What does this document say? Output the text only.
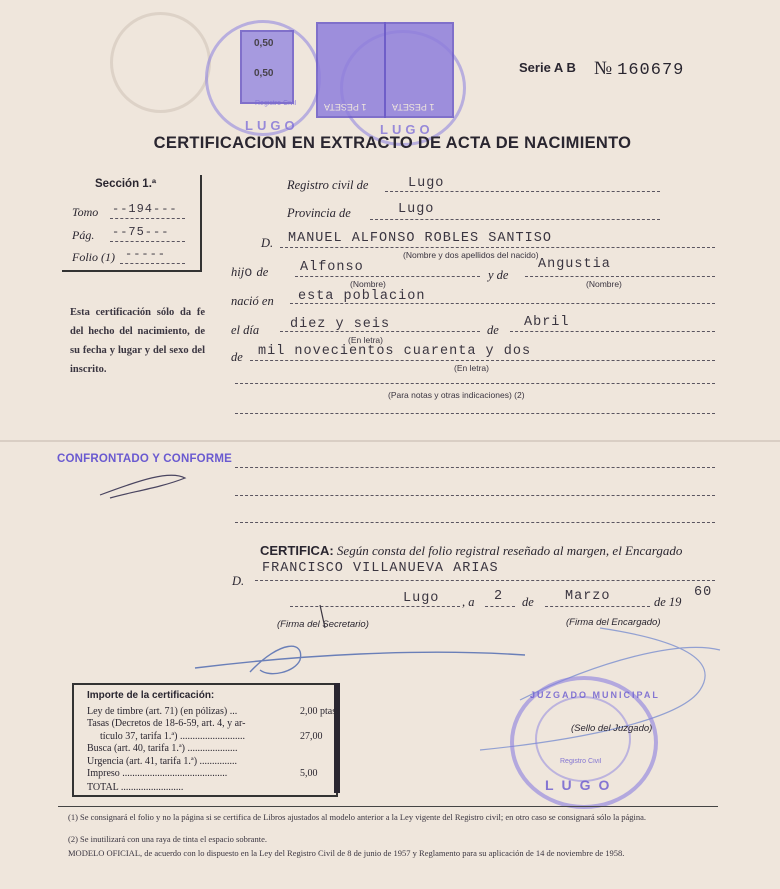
0,50
0,50
1 PESETA	1 PESETA
LUGO	LUGO
Registro Civil
Serie A B № 160679
CERTIFICACION EN EXTRACTO DE ACTA DE NACIMIENTO
Sección 1.ª
Tomo --194---
Pág. --75---
Folio (1) -----
Esta certificación sólo da fe del hecho del nacimiento, de su fecha y lugar y del sexo del inscrito.
Registro civil de	Lugo
Provincia de	Lugo
D. MANUEL ALFONSO ROBLES SANTISO
(Nombre y dos apellidos del nacido)
hijo de Alfonso
(Nombre)
y de
Angustia
(Nombre)
nació en esta poblacion
el día diez y seis
(En letra)
de Abril
de mil novecientos cuarenta y dos
(En letra)
(Para notas y otras indicaciones) (2)
CONFRONTADO Y CONFORME
CERTIFICA: Según consta del folio registral reseñado al margen, el Encargado
D.
FRANCISCO VILLANUEVA ARIAS
Lugo , a 2 de Marzo	de 19
60
(Firma del Secretario)	(Firma del Encargado)
JUZGADO MUNICIPAL
LUGO
Registro Civil
(Sello del Juzgado)
Importe de la certificación:
Ley de timbre (art. 71) (en pólizas) ...	2,00 ptas.
Tasas (Decretos de 18-6-59, art. 4, y ar-
tículo 37, tarifa 1.ª) ..........................	27,00
Busca (art. 40, tarifa 1.ª) ....................
Urgencia (art. 41, tarifa 1.ª) ...............
Impreso ..........................................	5,00
TOTAL .........................
(1) Se consignará el folio y no la página si se certifica de Libros ajustados al modelo anterior a la Ley vigente del Registro civil; en otro caso se consignará sólo la página.
(2) Se inutilizará con una raya de tinta el espacio sobrante.
MODELO OFICIAL, de acuerdo con lo dispuesto en la Ley del Registro Civil de 8 de junio de 1957 y Reglamento para su aplicación de 14 de noviembre de 1958.
